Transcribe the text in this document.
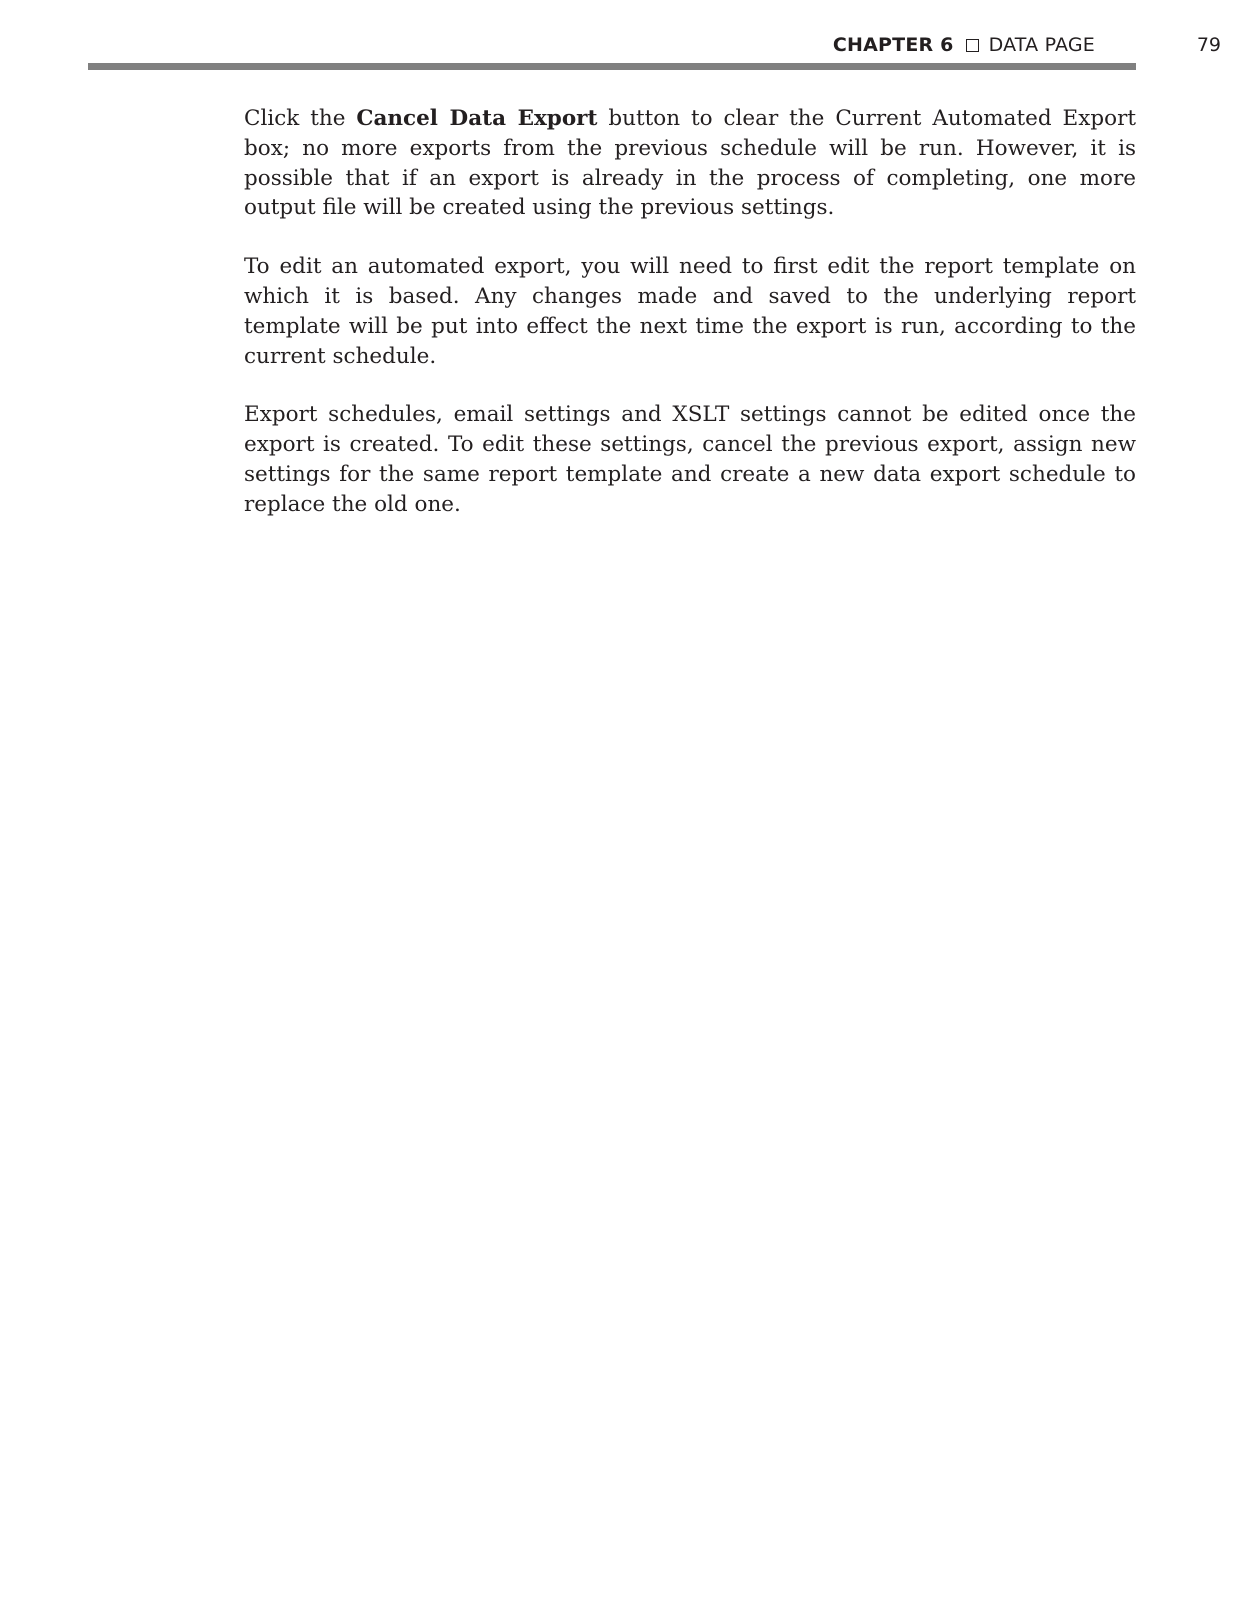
CHAPTER 6 DATA PAGE	79

Click the Cancel Data Export button to clear the Current Automated Export box; no more exports from the previous schedule will be run. However, it is possible that if an export is already in the process of completing, one more output file will be created using the previous settings.

To edit an automated export, you will need to first edit the report template on which it is based. Any changes made and saved to the underlying report template will be put into effect the next time the export is run, according to the current schedule.

Export schedules, email settings and XSLT settings cannot be edited once the export is created. To edit these settings, cancel the previous export, assign new settings for the same report template and create a new data export schedule to replace the old one.
